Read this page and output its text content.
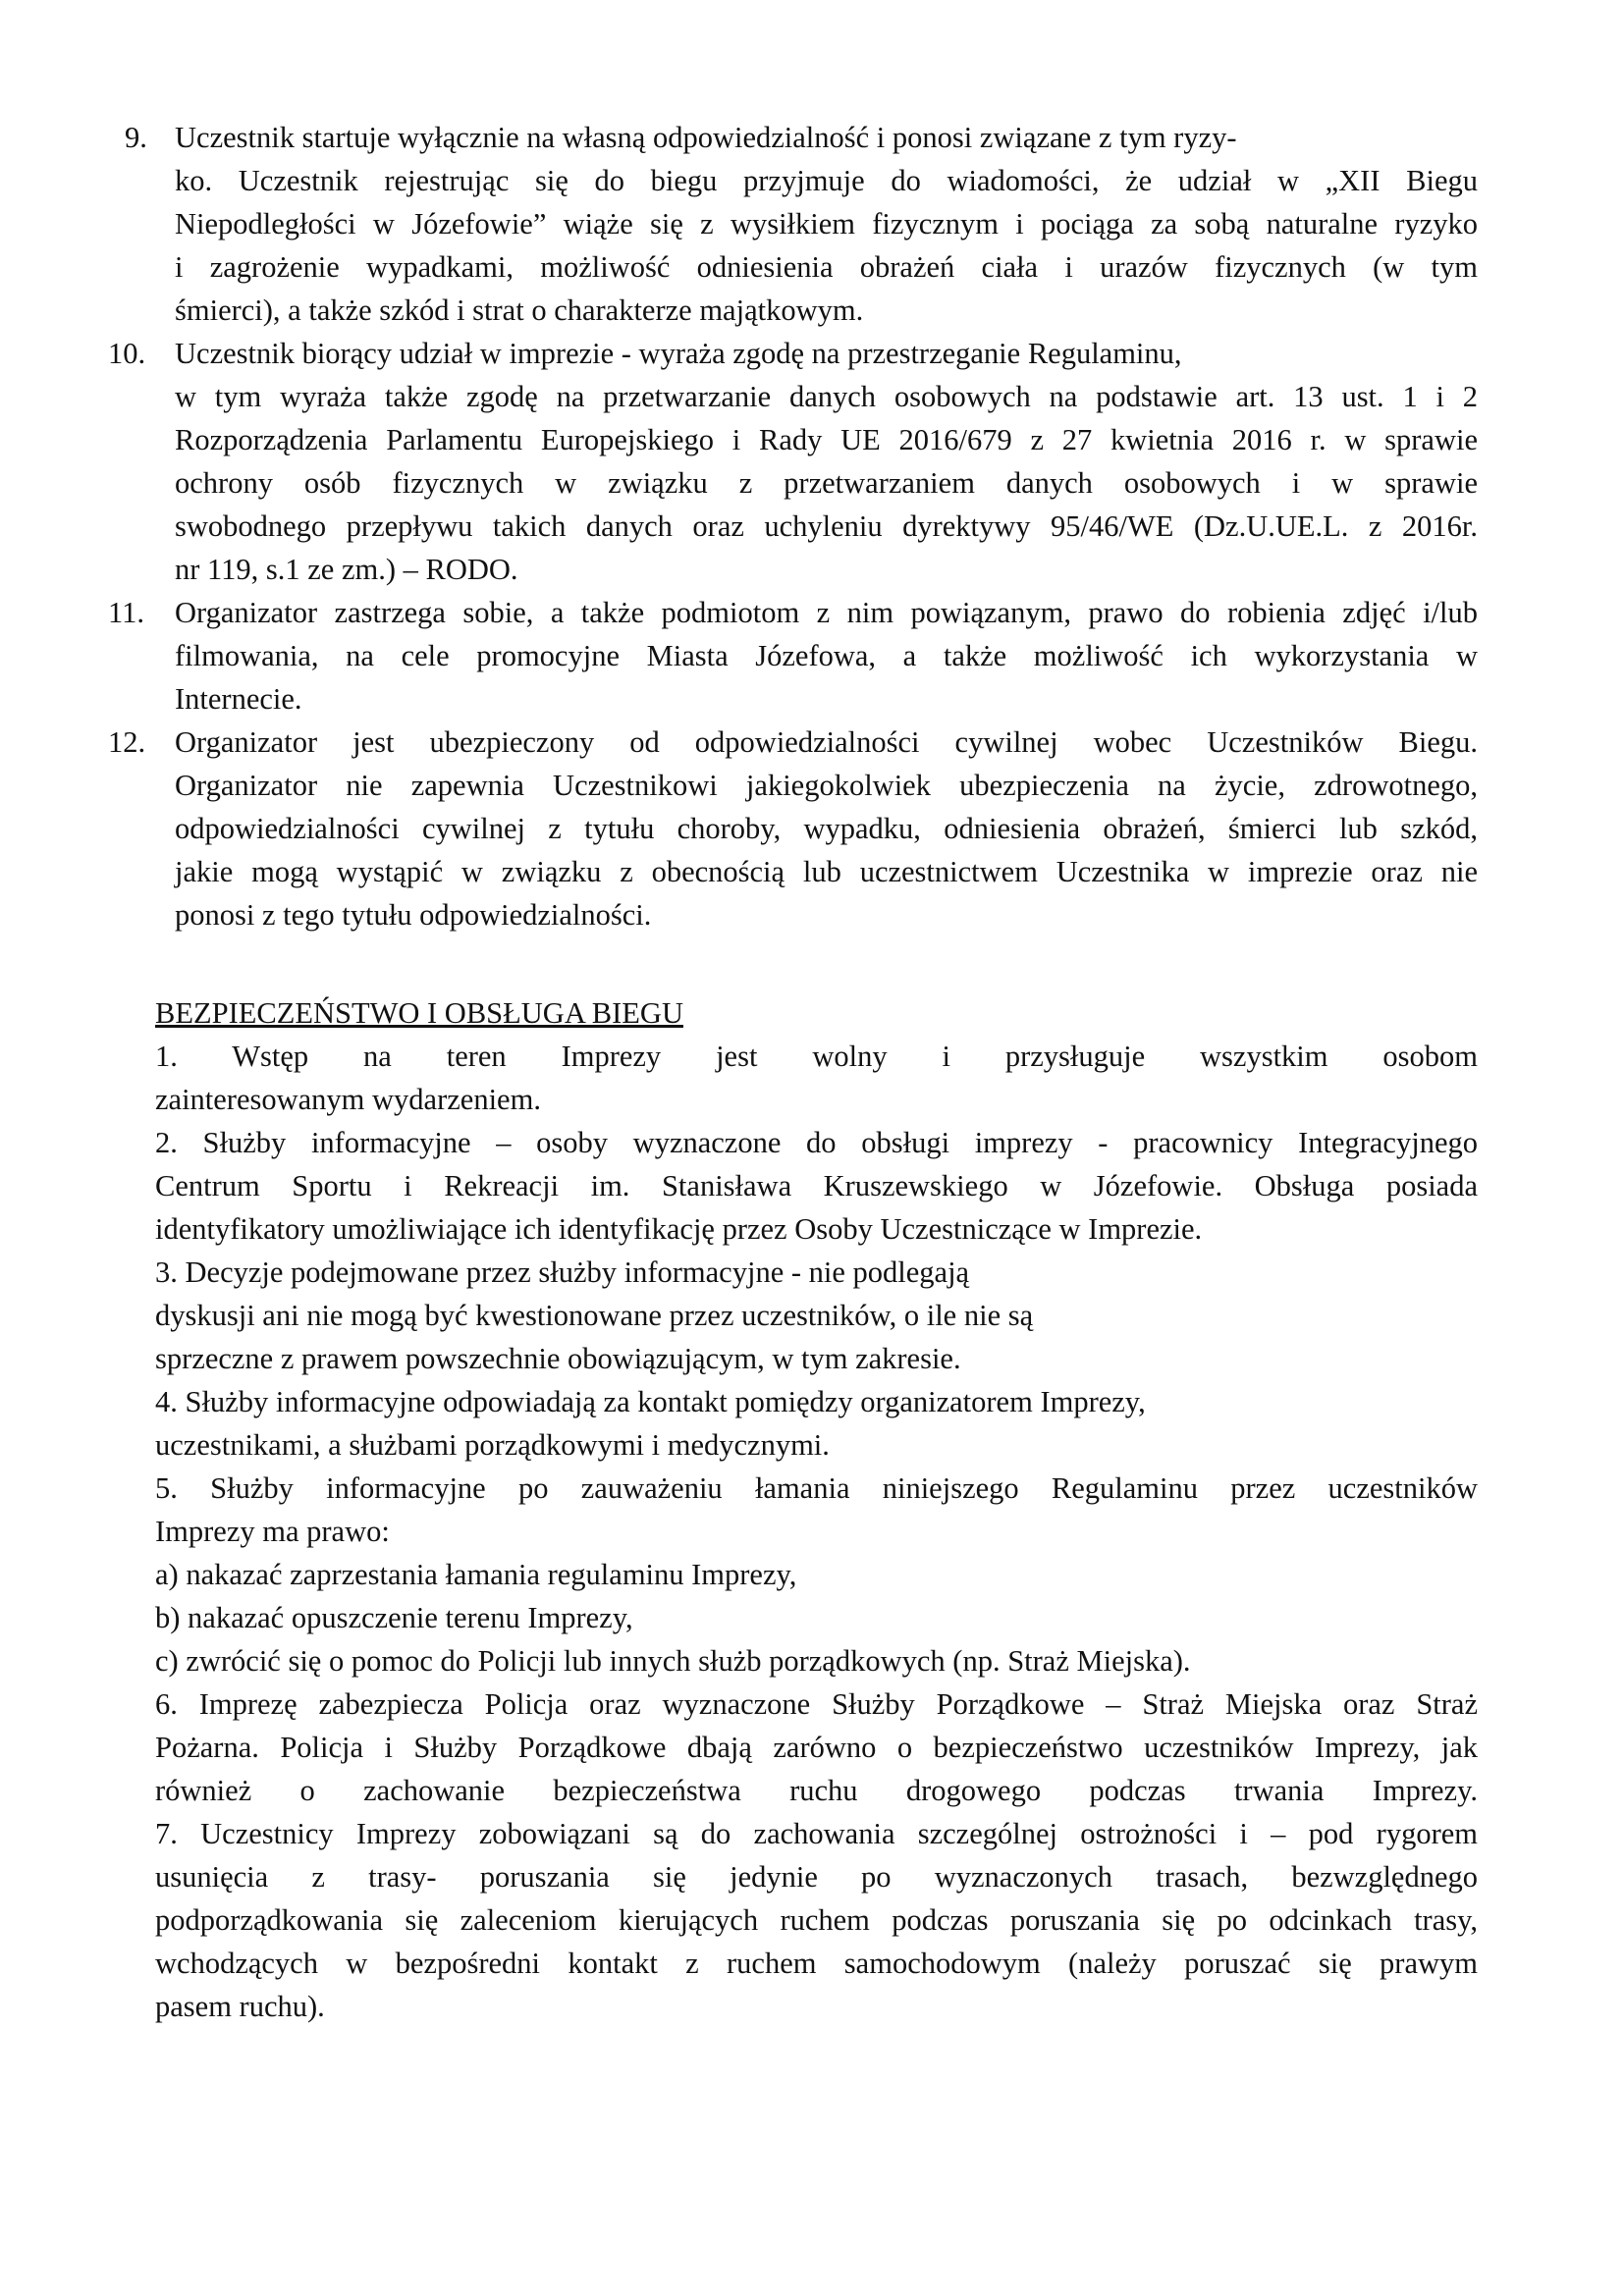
9. Uczestnik startuje wyłącznie na własną odpowiedzialność i ponosi związane z tym ryzy-
ko. Uczestnik rejestrując się do biegu przyjmuje do wiadomości, że udział w „XII Biegu
Niepodległości w Józefowie” wiąże się z wysiłkiem fizycznym i pociąga za sobą naturalne ryzyko
i zagrożenie wypadkami, możliwość odniesienia obrażeń ciała i urazów fizycznych (w tym
śmierci), a także szkód i strat o charakterze majątkowym.
10. Uczestnik biorący udział w imprezie - wyraża zgodę na przestrzeganie Regulaminu,
w tym wyraża także zgodę na przetwarzanie danych osobowych na podstawie art. 13 ust. 1 i 2
Rozporządzenia Parlamentu Europejskiego i Rady UE 2016/679 z 27 kwietnia 2016 r. w sprawie
ochrony osób fizycznych w związku z przetwarzaniem danych osobowych i w sprawie
swobodnego przepływu takich danych oraz uchyleniu dyrektywy 95/46/WE (Dz.U.UE.L. z 2016r.
nr 119, s.1 ze zm.) – RODO.
11. Organizator zastrzega sobie, a także podmiotom z nim powiązanym, prawo do robienia zdjęć i/lub
filmowania, na cele promocyjne Miasta Józefowa, a także możliwość ich wykorzystania w
Internecie.
12. Organizator jest ubezpieczony od odpowiedzialności cywilnej wobec Uczestników Biegu.
Organizator nie zapewnia Uczestnikowi jakiegokolwiek ubezpieczenia na życie, zdrowotnego,
odpowiedzialności cywilnej z tytułu choroby, wypadku, odniesienia obrażeń, śmierci lub szkód,
jakie mogą wystąpić w związku z obecnością lub uczestnictwem Uczestnika w imprezie oraz nie
ponosi z tego tytułu odpowiedzialności.
BEZPIECZEŃSTWO I OBSŁUGA BIEGU
1. Wstęp na teren Imprezy jest wolny i przysługuje wszystkim osobom
zainteresowanym wydarzeniem.
2. Służby informacyjne – osoby wyznaczone do obsługi imprezy - pracownicy Integracyjnego
Centrum Sportu i Rekreacji im. Stanisława Kruszewskiego w Józefowie. Obsługa posiada
identyfikatory umożliwiające ich identyfikację przez Osoby Uczestniczące w Imprezie.
3. Decyzje podejmowane przez służby informacyjne - nie podlegają
dyskusji ani nie mogą być kwestionowane przez uczestników, o ile nie są
sprzeczne z prawem powszechnie obowiązującym, w tym zakresie.
4. Służby informacyjne odpowiadają za kontakt pomiędzy organizatorem Imprezy,
uczestnikami, a służbami porządkowymi i medycznymi.
5. Służby informacyjne po zauważeniu łamania niniejszego Regulaminu przez uczestników
Imprezy ma prawo:
a) nakazać zaprzestania łamania regulaminu Imprezy,
b) nakazać opuszczenie terenu Imprezy,
c) zwrócić się o pomoc do Policji lub innych służb porządkowych (np. Straż Miejska).
6. Imprezę zabezpiecza Policja oraz wyznaczone Służby Porządkowe – Straż Miejska oraz Straż
Pożarna. Policja i Służby Porządkowe dbają zarówno o bezpieczeństwo uczestników Imprezy, jak
również o zachowanie bezpieczeństwa ruchu drogowego podczas trwania Imprezy.
7. Uczestnicy Imprezy zobowiązani są do zachowania szczególnej ostrożności i – pod rygorem
usunięcia z trasy- poruszania się jedynie po wyznaczonych trasach, bezwzględnego
podporządkowania się zaleceniom kierujących ruchem podczas poruszania się po odcinkach trasy,
wchodzących w bezpośredni kontakt z ruchem samochodowym (należy poruszać się prawym
pasem ruchu).
